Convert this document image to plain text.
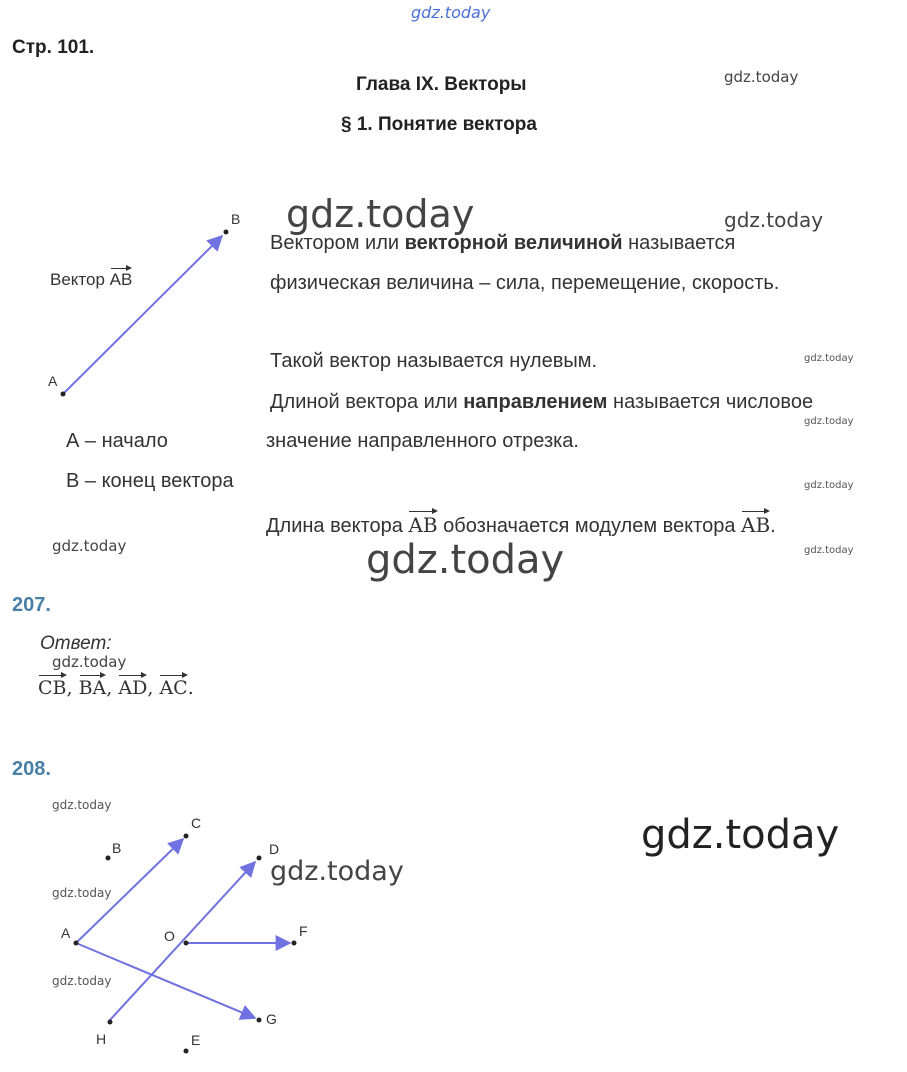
gdz.today
Стр. 101.
Глава IX. Векторы
§ 1. Понятие вектора
gdz.today
gdz.today	gdz.today
A
B
Вектор AB
Вектором или векторной величиной называется
физическая величина – сила, перемещение, скорость.
Такой вектор называется нулевым.	gdz.today
Длиной вектора или направлением называется числовое
gdz.today
А – начало	значение направленного отрезка.
В – конец вектора	gdz.today
Длина вектора AB обозначается модулем вектора AB.
gdz.today
gdz.today	gdz.today
207.
Ответ:
gdz.today
CB, BA, AD, AC.
208.
gdz.today
gdz.today
gdz.today
gdz.today
gdz.today
A
B
C
D
E
F
G
H
O
gdz.today
